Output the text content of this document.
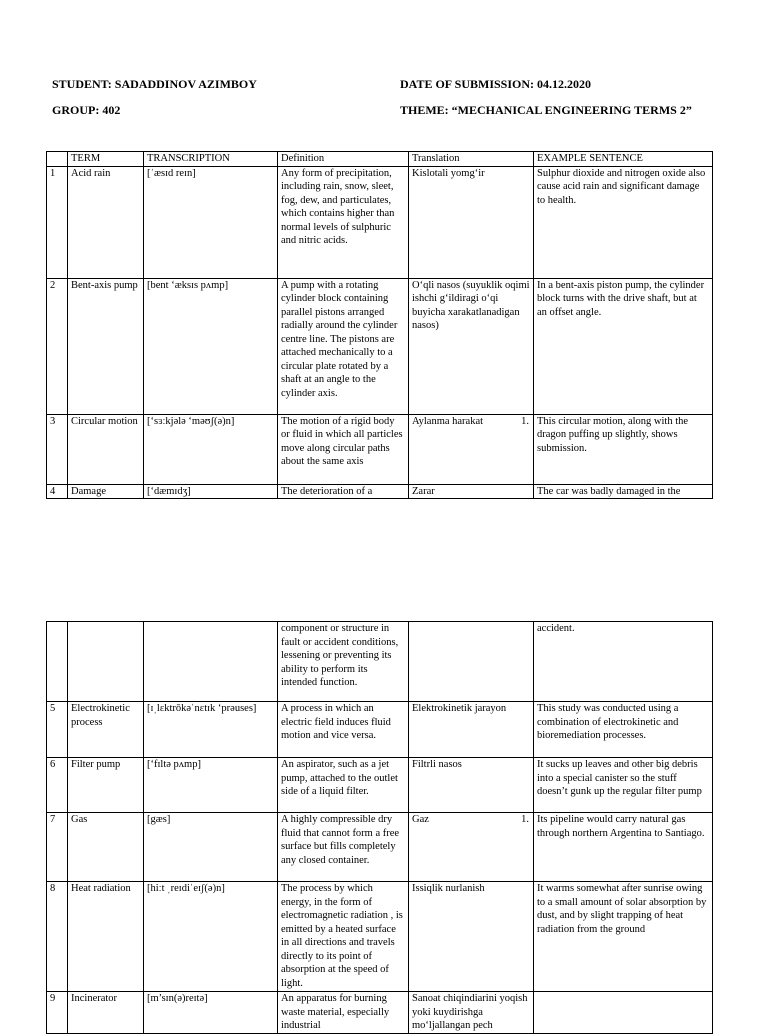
STUDENT: SADADDINOV AZIMBOY	DATE OF SUBMISSION: 04.12.2020
GROUP: 402	THEME: “MECHANICAL ENGINEERING TERMS 2”
	TERM	TRANSCRIPTION	Definition	Translation	EXAMPLE SENTENCE
1	Acid rain	[ˈæsɪd reɪn]	Any form of precipitation, including rain, snow, sleet, fog, dew, and particulates, which contains higher than normal levels of sulphuric and nitric acids.	Kislotali yomg‘ir	Sulphur dioxide and nitrogen oxide also cause acid rain and significant damage to health.
2	Bent-axis pump	[bent ‘æksɪs pʌmp]	A pump with a rotating cylinder block containing parallel pistons arranged radially around the cylinder centre line. The pistons are attached mechanically to a circular plate rotated by a shaft at an angle to the cylinder axis.	O‘qli nasos (suyuklik oqimi ishchi g‘ildiragi o‘qi buyicha xarakatlanadigan nasos)	In a bent-axis piston pump, the cylinder block turns with the drive shaft, but at an offset angle.
3	Circular motion	[‘sɜːkjələ ‘məʊʃ(ə)n]	The motion of a rigid body or fluid in which all particles move along circular paths about the same axis	Aylanma harakat 1.	This circular motion, along with the dragon puffing up slightly, shows submission.
4	Damage	[‘dæmɪdʒ]	The deterioration of a	Zarar	The car was badly damaged in the
			component or structure in fault or accident conditions, lessening or preventing its ability to perform its intended function.		accident.
5	Electrokinetic process	[ɪˌlɛktrōkəˈnɛtɪk ‘prəuses]	A process in which an electric field induces fluid motion and vice versa.	Elektrokinetik jarayon	This study was conducted using a combination of electrokinetic and bioremediation processes.
6	Filter pump	[‘fɪltə pʌmp]	An aspirator, such as a jet pump, attached to the outlet side of a liquid filter.	Filtrli nasos	It sucks up leaves and other big debris into a special canister so the stuff doesn’t gunk up the regular filter pump
7	Gas	[gæs]	A highly compressible dry fluid that cannot form a free surface but fills completely any closed container.	Gaz 1.	Its pipeline would carry natural gas through northern Argentina to Santiago.
8	Heat radiation	[hiːt ˌreɪdiˈeɪʃ(ə)n]	The process by which energy, in the form of electromagnetic radiation , is emitted by a heated surface in all directions and travels directly to its point of absorption at the speed of light.	Issiqlik nurlanish	It warms somewhat after sunrise owing to a small amount of solar absorption by dust, and by slight trapping of heat radiation from the ground
9	Incinerator	[m’sɪn(ə)reɪtə]	An apparatus for burning waste material, especially industrial	Sanoat chiqindiarini yoqish yoki kuydirishga mo‘ljallangan pech	
